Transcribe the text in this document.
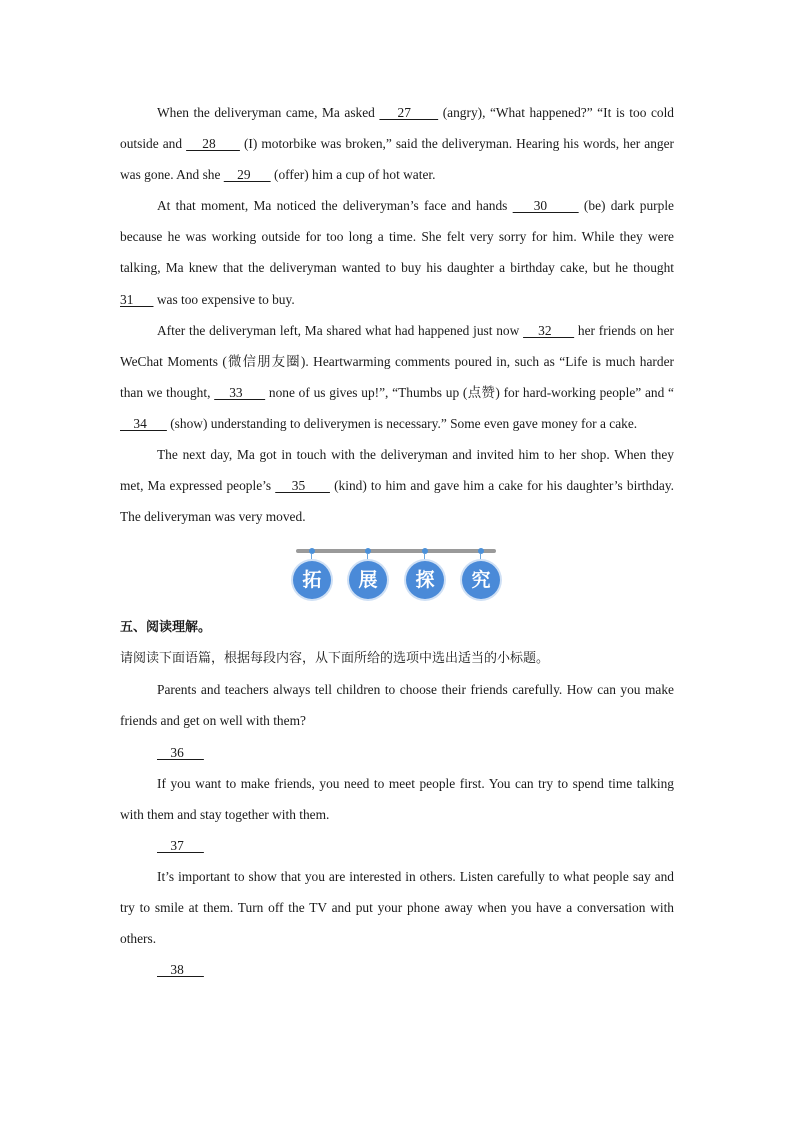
When the deliveryman came, Ma asked     27       (angry), “What happened?” “It is too cold outside and     28       (I) motorbike was broken,” said the deliveryman. Hearing his words, her anger was gone. And she     29       (offer) him a cup of hot water.

At that moment, Ma noticed the deliveryman’s face and hands     30       (be) dark purple because he was working outside for too long a time. She felt very sorry for him. While they were talking, Ma knew that the deliveryman wanted to buy his daughter a birthday cake, but he thought 31       was too expensive to buy.

After the deliveryman left, Ma shared what had happened just now     32       her friends on her WeChat Moments (微信朋友圈). Heartwarming comments poured in, such as “Life is much harder than we thought,     33       none of us gives up!”, “Thumbs up (点赞) for hard-working people” and “    34       (show) understanding to deliverymen is necessary.” Some even gave money for a cake.

The next day, Ma got in touch with the deliveryman and invited him to her shop. When they met, Ma expressed people’s     35       (kind) to him and gave him a cake for his daughter’s birthday. The deliveryman was very moved.

拓	展	探	究

五、阅读理解。

请阅读下面语篇，根据每段内容，从下面所给的选项中选出适当的小标题。

Parents and teachers always tell children to choose their friends carefully. How can you make friends and get on well with them?

36

If you want to make friends, you need to meet people first. You can try to spend time talking with them and stay together with them.

37

It’s important to show that you are interested in others. Listen carefully to what people say and try to smile at them. Turn off the TV and put your phone away when you have a conversation with others.

38
